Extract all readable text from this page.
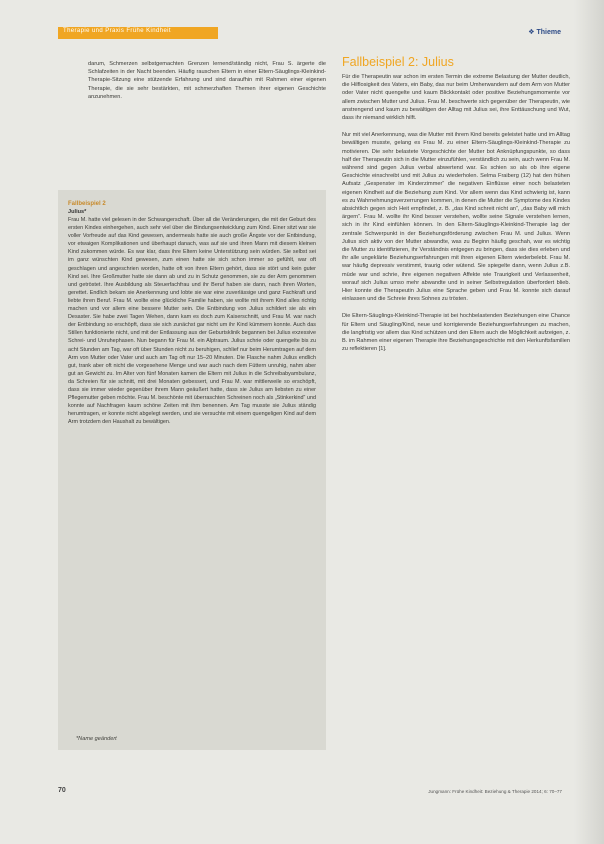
Therapie und Praxis Frühe Kindheit	❖ Thieme
darum, Schmerzen selbstgemachten Grenzen lernend/ständig nicht, Frau S. ärgerte die Schlafzeiten in der Nacht beenden. Häufig rauschen Eltern in einer Eltern-Säuglings-Kleinkind-Therapie-Sitzung eine stützende Erfahrung und sind daraufhin mit Rahmen einer eigenen Therapie, die sie sehr bestärkten, mit schmerzhaften Themen ihrer eigenen Geschichte anzunehmen.
Fallbeispiel 2
Julius*
Frau M. hatte viel gelesen in der Schwangerschaft. Über all die Veränderungen, die mit der Geburt des ersten Kindes einhergehen, auch sehr viel über die Bindungsentwicklung zum Kind. Einer sitzt war sie voller Vorfreude auf das Kind gewesen, andermeals hatte sie auch große Ängste vor der Entbindung, vor etwaigen Komplikationen und überhaupt danach, was auf sie und ihren Mann mit diesem kleinen Kind zukommen würde. Es war klar, dass ihre Eltern keine Unterstützung sein würden. Sie selbst sei im ganz wünschten Kind gewesen, zum einen hatte sie sich schon immer so gefühlt, war oft geschlagen und angeschrien worden, hatte oft von ihren Eltern gehört, dass sie stört und kein guter Kind sei. Ihre Großmutter hatte sie dann ab und zu in Schutz genommen, sie zu der Arm genommen und getröstet. Ihre Ausbildung als Steuerfachfrau und ihr Beruf haben sie dann, nach ihren Worten, gerettet. Endlich bekam sie Anerkennung und lobte sie war eine zuverlässige und ganz Fachkraft und liebte ihren Beruf. Frau M. wollte eine glückliche Familie haben, sie wollte mit ihrem Kind alles richtig machen und vor allem eine bessere Mutter sein. Die Entbindung von Julius schildert sie als ein Desaster. Sie habe zwei Tagen Wehen, dann kam es doch zum Kaiserschnitt, und Frau M. war nach der Entbindung so erschöpft, dass sie sich zunächst gar nicht um ihr Kind kümmern konnte. Auch das Stillen funktionierte nicht, und mit der Entlassung aus der Geburtsklinik begannen bei Julius exzessive Schrei- und Unruhephasen. Nun begann für Frau M. ein Alptraum. Julius schrie oder quengelte bis zu acht Stunden am Tag, war oft über Stunden nicht zu beruhigen, schlief nur beim Herumtragen auf dem Arm von Mutter oder Vater und auch am Tag oft nur 15–20 Minuten. Die Flasche nahm Julius endlich gut, trank aber oft nicht die vorgesehene Menge und war auch nach dem Füttern unruhig, nahm aber gut an Gewicht zu. Im Alter von fünf Monaten kamen die Eltern mit Julius in die Schreibabyambulanz, da Schreien für sie schnitt, mit drei Monaten gebessert, und Frau M. war mittlerweile so erschöpft, dass sie immer wieder gegenüber ihrem Mann geäußert hatte, dass sie Julius am liebsten zu einer Pflegemutter geben möchte. Frau M. beschönte mit überraschten Schreinen noch als „Stinkerkind“ und konnte auf Nachfragen kaum schöne Zeiten mit ihm benennen. Am Tag musste sie Julius ständig herumtragen, er konnte nicht abgelegt werden, und sie versuchte mit einem quengeligen Kind auf dem Arm trotzdem den Haushalt zu bewältigen.
*Name geändert
Fallbeispiel 2: Julius

Für die Therapeutin war schon im ersten Termin die extreme Belastung der Mutter deutlich, die Hilflosigkeit des Vaters, ein Baby, das nur beim Umherwandern auf dem Arm von Mutter oder Vater nicht quengelte und kaum Blickkontakt oder positive Beziehungsmomente vor allem zwischen Mutter und Julius. Frau M. beschwerte sich gegenüber der Therapeutin, wie anstrengend und kaum zu bewältigen der Alltag mit Julius sei, ihre Enttäuschung und Wut, dass ihr niemand wirklich hilft.

Nur mit viel Anerkennung, was die Mutter mit ihrem Kind bereits geleistet hatte und im Alltag bewältigen musste, gelang es Frau M. zu einer Eltern-Säuglings-Kleinkind-Therapie zu motivieren. Die sehr belastete Vorgeschichte der Mutter bot Anknüpfungspunkte, so dass half der Therapeutin sich in die Mutter einzufühlen, verständlich zu sein, auch wenn Frau M. während sind gegen Julius verbal abwertend war. Es schien so als ob ihre eigene Geschichte einschreibt und mit Julius zu wiederholen. Selma Fraiberg (12) hat den frühen Aufsatz „Gespenster im Kinderzimmer“ die negativen Einflüsse einer noch belasteten eigenen Kindheit auf die Beziehung zum Kind. Vor allem wenn das Kind schwierig ist, kann es zu Wahrnehmungsverzerrungen kommen, in denen die Mutter die Symptome des Kindes absichtlich gegen sich Heit empfindet, z. B. „das Kind schreit nicht an“, „das Baby will mich ärgern“. Frau M. wollte ihr Kind besser verstehen, wollte seine Signale verstehen lernen, sich in ihr Kind einfühlen können. In den Eltern-Säuglings-Kleinkind-Therapie lag der zentrale Schwerpunkt in der Beziehungsförderung zwischen Frau M. und Julius. Wenn Julius sich aktiv von der Mutter abwandte, was zu Beginn häufig geschah, war es wichtig die Mutter zu identifizieren, ihr Verständnis entgegen zu bringen, dass sie dies erleben und ihr alle ungeklärte Beziehungserfahrungen mit ihren eigenen Eltern wiederbelebt. Frau M. war häufig depressiv verstimmt, traurig oder wütend. Sie spiegelte dann, wenn Julius z.B. müde war und schrie, ihre eigenen negativen Affekte wie Traurigkeit und Verlassenheit, worauf sich Julius umso mehr abwandte und in seiner Selbstregulation überfordert blieb. Hier konnte die Therapeutin Julius eine Sprache geben und Frau M. konnte sich darauf einlassen und die Schreie ihres Sohnes zu trösten.

Die Eltern-Säuglings-Kleinkind-Therapie ist bei hochbelastenden Beziehungen eine Chance für Eltern und Säugling/Kind, neue und korrigierende Beziehungserfahrungen zu machen, die langfristig vor allem das Kind schützen und den Eltern auch die Möglichkeit aufzeigen, z. B. im Rahmen einer eigenen Therapie ihre Beziehungsgeschichte mit den Herkunftsfamilien zu reflektieren [1].

70	Jungmann: Frühe Kindheit: Beziehung & Therapie 2014; 6: 70–77
